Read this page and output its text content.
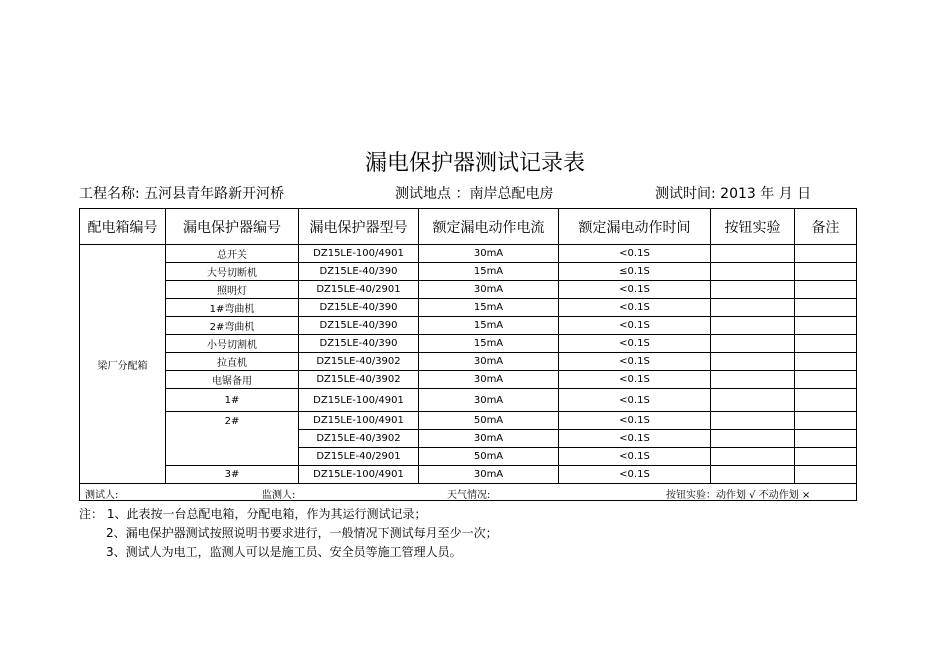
漏电保护器测试记录表
工程名称: 五河县青年路新开河桥	测试地点 ：南岸总配电房	测试时间: 2013 年 月 日
配电箱编号	漏电保护器编号	漏电保护器型号	额定漏电动作电流	额定漏电动作时间	按钮实验	备注
梁厂分配箱	总开关	DZ15LE-100/4901	30mA	<0.1S		
	大号切断机	DZ15LE-40/390	15mA	≤0.1S		
	照明灯	DZ15LE-40/2901	30mA	<0.1S		
	1#弯曲机	DZ15LE-40/390	15mA	<0.1S		
	2#弯曲机	DZ15LE-40/390	15mA	<0.1S		
	小号切割机	DZ15LE-40/390	15mA	<0.1S		
	拉直机	DZ15LE-40/3902	30mA	<0.1S		
	电锯备用	DZ15LE-40/3902	30mA	<0.1S		
	1#	DZ15LE-100/4901	30mA	<0.1S		
	2#	DZ15LE-100/4901	50mA	<0.1S		
		DZ15LE-40/3902	30mA	<0.1S		
		DZ15LE-40/2901	50mA	<0.1S		
	3#	DZ15LE-100/4901	30mA	<0.1S		

测试人: 监测人: 天气情况: 按钮实验：动作划 √ 不动作划 ×						
注： 1、此表按一台总配电箱，分配电箱，作为其运行测试记录；
2、漏电保护器测试按照说明书要求进行，一般情况下测试每月至少一次；
3、测试人为电工，监测人可以是施工员、安全员等施工管理人员。
